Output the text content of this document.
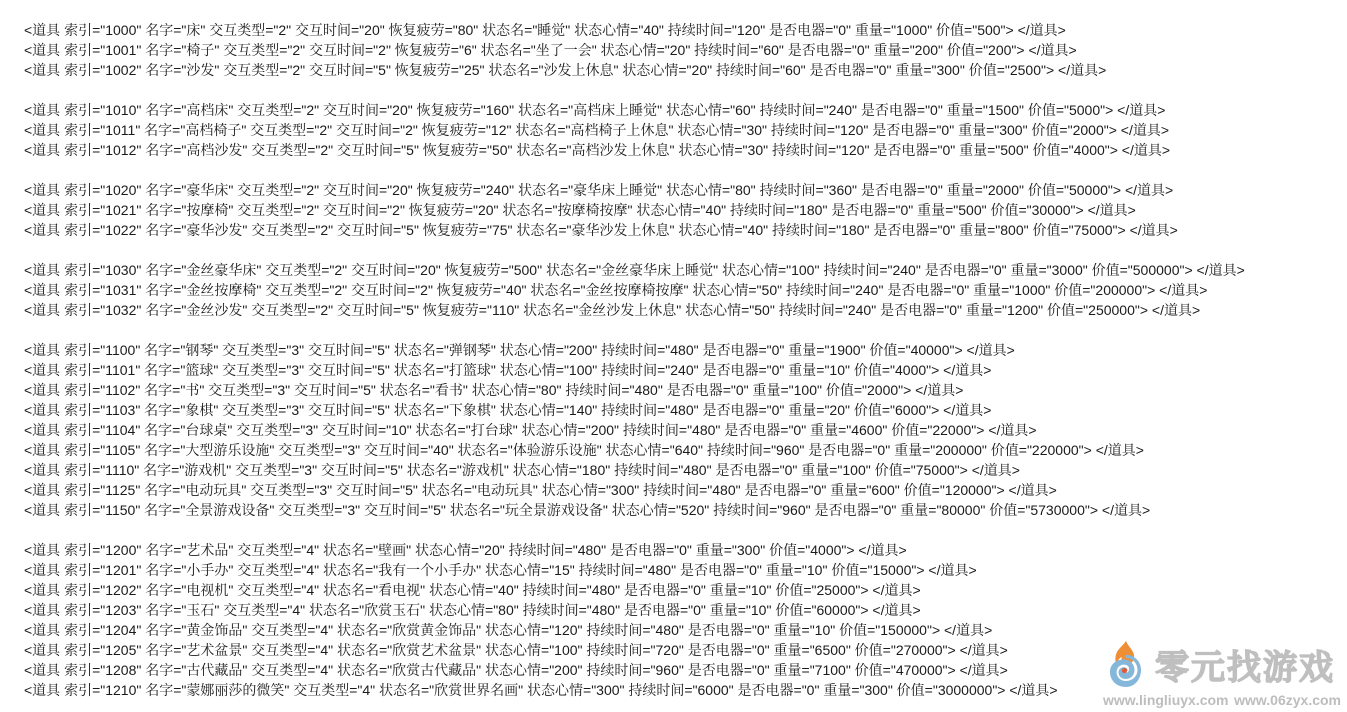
<道具 索引="1000" 名字="床" 交互类型="2" 交互时间="20" 恢复疲劳="80" 状态名="睡觉" 状态心情="40" 持续时间="120" 是否电器="0" 重量="1000" 价值="500"> </道具>
<道具 索引="1001" 名字="椅子" 交互类型="2" 交互时间="2" 恢复疲劳="6" 状态名="坐了一会" 状态心情="20" 持续时间="60" 是否电器="0" 重量="200" 价值="200"> </道具>
<道具 索引="1002" 名字="沙发" 交互类型="2" 交互时间="5" 恢复疲劳="25" 状态名="沙发上休息" 状态心情="20" 持续时间="60" 是否电器="0" 重量="300" 价值="2500"> </道具>
<道具 索引="1010" 名字="高档床" 交互类型="2" 交互时间="20" 恢复疲劳="160" 状态名="高档床上睡觉" 状态心情="60" 持续时间="240" 是否电器="0" 重量="1500" 价值="5000"> </道具>
<道具 索引="1011" 名字="高档椅子" 交互类型="2" 交互时间="2" 恢复疲劳="12" 状态名="高档椅子上休息" 状态心情="30" 持续时间="120" 是否电器="0" 重量="300" 价值="2000"> </道具>
<道具 索引="1012" 名字="高档沙发" 交互类型="2" 交互时间="5" 恢复疲劳="50" 状态名="高档沙发上休息" 状态心情="30" 持续时间="120" 是否电器="0" 重量="500" 价值="4000"> </道具>
<道具 索引="1020" 名字="豪华床" 交互类型="2" 交互时间="20" 恢复疲劳="240" 状态名="豪华床上睡觉" 状态心情="80" 持续时间="360" 是否电器="0" 重量="2000" 价值="50000"> </道具>
<道具 索引="1021" 名字="按摩椅" 交互类型="2" 交互时间="2" 恢复疲劳="20" 状态名="按摩椅按摩" 状态心情="40" 持续时间="180" 是否电器="0" 重量="500" 价值="30000"> </道具>
<道具 索引="1022" 名字="豪华沙发" 交互类型="2" 交互时间="5" 恢复疲劳="75" 状态名="豪华沙发上休息" 状态心情="40" 持续时间="180" 是否电器="0" 重量="800" 价值="75000"> </道具>
<道具 索引="1030" 名字="金丝豪华床" 交互类型="2" 交互时间="20" 恢复疲劳="500" 状态名="金丝豪华床上睡觉" 状态心情="100" 持续时间="240" 是否电器="0" 重量="3000" 价值="500000"> </道具>
<道具 索引="1031" 名字="金丝按摩椅" 交互类型="2" 交互时间="2" 恢复疲劳="40" 状态名="金丝按摩椅按摩" 状态心情="50" 持续时间="240" 是否电器="0" 重量="1000" 价值="200000"> </道具>
<道具 索引="1032" 名字="金丝沙发" 交互类型="2" 交互时间="5" 恢复疲劳="110" 状态名="金丝沙发上休息" 状态心情="50" 持续时间="240" 是否电器="0" 重量="1200" 价值="250000"> </道具>
<道具 索引="1100" 名字="钢琴" 交互类型="3" 交互时间="5" 状态名="弹钢琴" 状态心情="200" 持续时间="480" 是否电器="0" 重量="1900" 价值="40000"> </道具>
<道具 索引="1101" 名字="篮球" 交互类型="3" 交互时间="5" 状态名="打篮球" 状态心情="100" 持续时间="240" 是否电器="0" 重量="10" 价值="4000"> </道具>
<道具 索引="1102" 名字="书" 交互类型="3" 交互时间="5" 状态名="看书" 状态心情="80" 持续时间="480" 是否电器="0" 重量="100" 价值="2000"> </道具>
<道具 索引="1103" 名字="象棋" 交互类型="3" 交互时间="5" 状态名="下象棋" 状态心情="140" 持续时间="480" 是否电器="0" 重量="20" 价值="6000"> </道具>
<道具 索引="1104" 名字="台球桌" 交互类型="3" 交互时间="10" 状态名="打台球" 状态心情="200" 持续时间="480" 是否电器="0" 重量="4600" 价值="22000"> </道具>
<道具 索引="1105" 名字="大型游乐设施" 交互类型="3" 交互时间="40" 状态名="体验游乐设施" 状态心情="640" 持续时间="960" 是否电器="0" 重量="200000" 价值="220000"> </道具>
<道具 索引="1110" 名字="游戏机" 交互类型="3" 交互时间="5" 状态名="游戏机" 状态心情="180" 持续时间="480" 是否电器="0" 重量="100" 价值="75000"> </道具>
<道具 索引="1125" 名字="电动玩具" 交互类型="3" 交互时间="5" 状态名="电动玩具" 状态心情="300" 持续时间="480" 是否电器="0" 重量="600" 价值="120000"> </道具>
<道具 索引="1150" 名字="全景游戏设备" 交互类型="3" 交互时间="5" 状态名="玩全景游戏设备" 状态心情="520" 持续时间="960" 是否电器="0" 重量="80000" 价值="5730000"> </道具>
<道具 索引="1200" 名字="艺术品" 交互类型="4" 状态名="壁画" 状态心情="20" 持续时间="480" 是否电器="0" 重量="300" 价值="4000"> </道具>
<道具 索引="1201" 名字="小手办" 交互类型="4" 状态名="我有一个小手办" 状态心情="15" 持续时间="480" 是否电器="0" 重量="10" 价值="15000"> </道具>
<道具 索引="1202" 名字="电视机" 交互类型="4" 状态名="看电视" 状态心情="40" 持续时间="480" 是否电器="0" 重量="10" 价值="25000"> </道具>
<道具 索引="1203" 名字="玉石" 交互类型="4" 状态名="欣赏玉石" 状态心情="80" 持续时间="480" 是否电器="0" 重量="10" 价值="60000"> </道具>
<道具 索引="1204" 名字="黄金饰品" 交互类型="4" 状态名="欣赏黄金饰品" 状态心情="120" 持续时间="480" 是否电器="0" 重量="10" 价值="150000"> </道具>
<道具 索引="1205" 名字="艺术盆景" 交互类型="4" 状态名="欣赏艺术盆景" 状态心情="100" 持续时间="720" 是否电器="0" 重量="6500" 价值="270000"> </道具>
<道具 索引="1208" 名字="古代藏品" 交互类型="4" 状态名="欣赏古代藏品" 状态心情="200" 持续时间="960" 是否电器="0" 重量="7100" 价值="470000"> </道具>
<道具 索引="1210" 名字="蒙娜丽莎的微笑" 交互类型="4" 状态名="欣赏世界名画" 状态心情="300" 持续时间="6000" 是否电器="0" 重量="300" 价值="3000000"> </道具>
零元找游戏
www.lingliuyx.com www.06zyx.com
